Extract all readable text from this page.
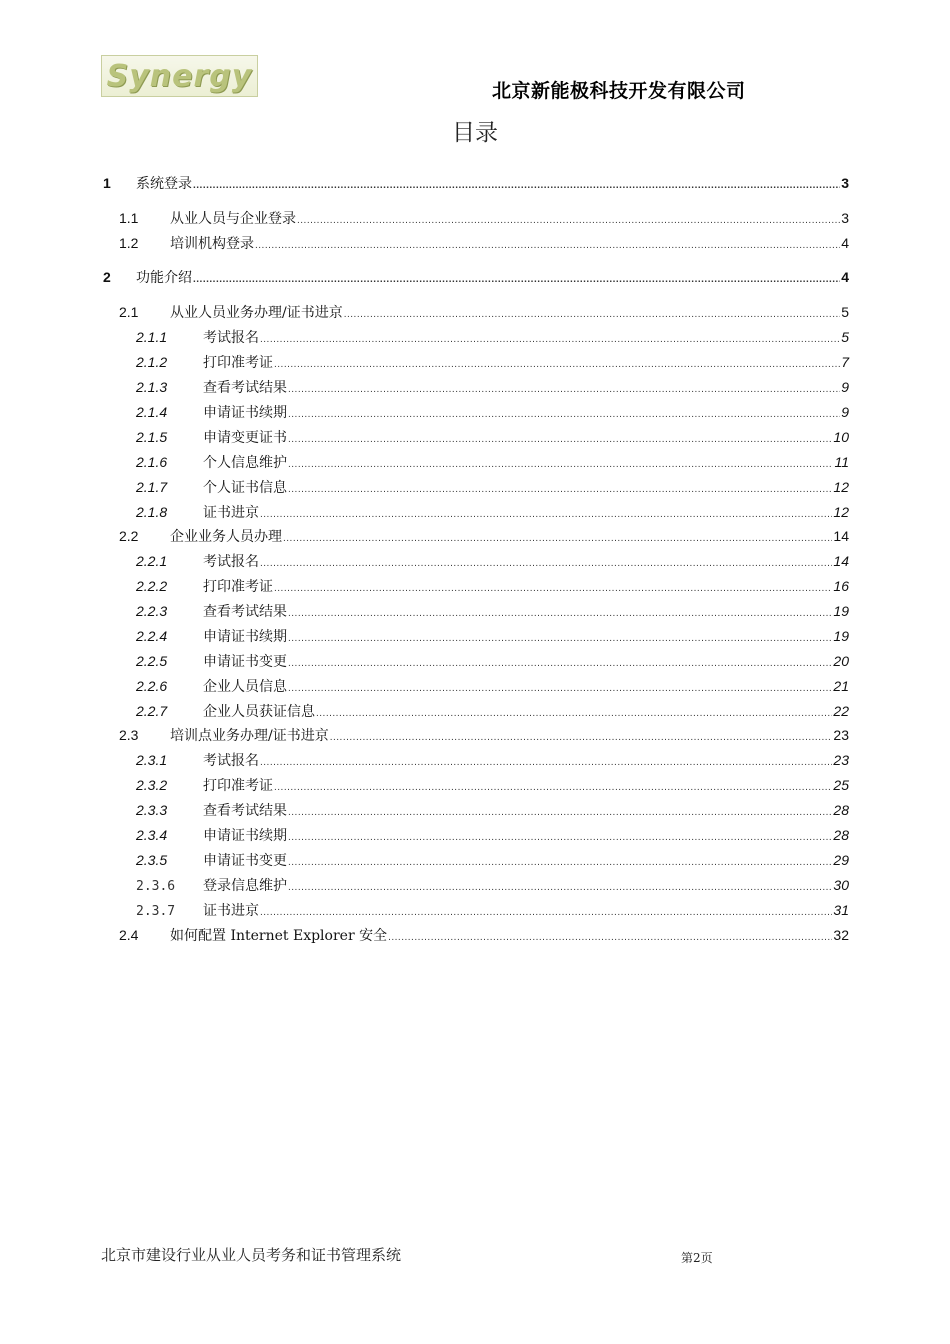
Synergy	北京新能极科技开发有限公司
目录
1	系统登录 .....	3
1.1	从业人员与企业登录 .....	3
1.2	培训机构登录 .....	4
2	功能介绍 .....	4
2.1	从业人员业务办理/证书进京 .....	5
2.1.1	考试报名 .....	5
2.1.2	打印准考证 .....	7
2.1.3	查看考试结果 .....	9
2.1.4	申请证书续期 .....	9
2.1.5	申请变更证书 .....	10
2.1.6	个人信息维护 .....	11
2.1.7	个人证书信息 .....	12
2.1.8	证书进京 .....	12
2.2	企业业务人员办理 .....	14
2.2.1	考试报名 .....	14
2.2.2	打印准考证 .....	16
2.2.3	查看考试结果 .....	19
2.2.4	申请证书续期 .....	19
2.2.5	申请证书变更 .....	20
2.2.6	企业人员信息 .....	21
2.2.7	企业人员获证信息 .....	22
2.3	培训点业务办理/证书进京 .....	23
2.3.1	考试报名 .....	23
2.3.2	打印准考证 .....	25
2.3.3	查看考试结果 .....	28
2.3.4	申请证书续期 .....	28
2.3.5	申请证书变更 .....	29
2.3.6	登录信息维护 .....	30
2.3.7	证书进京 .....	31
2.4	如何配置 Internet Explorer 安全 .....	32
北京市建设行业从业人员考务和证书管理系统	第2页
